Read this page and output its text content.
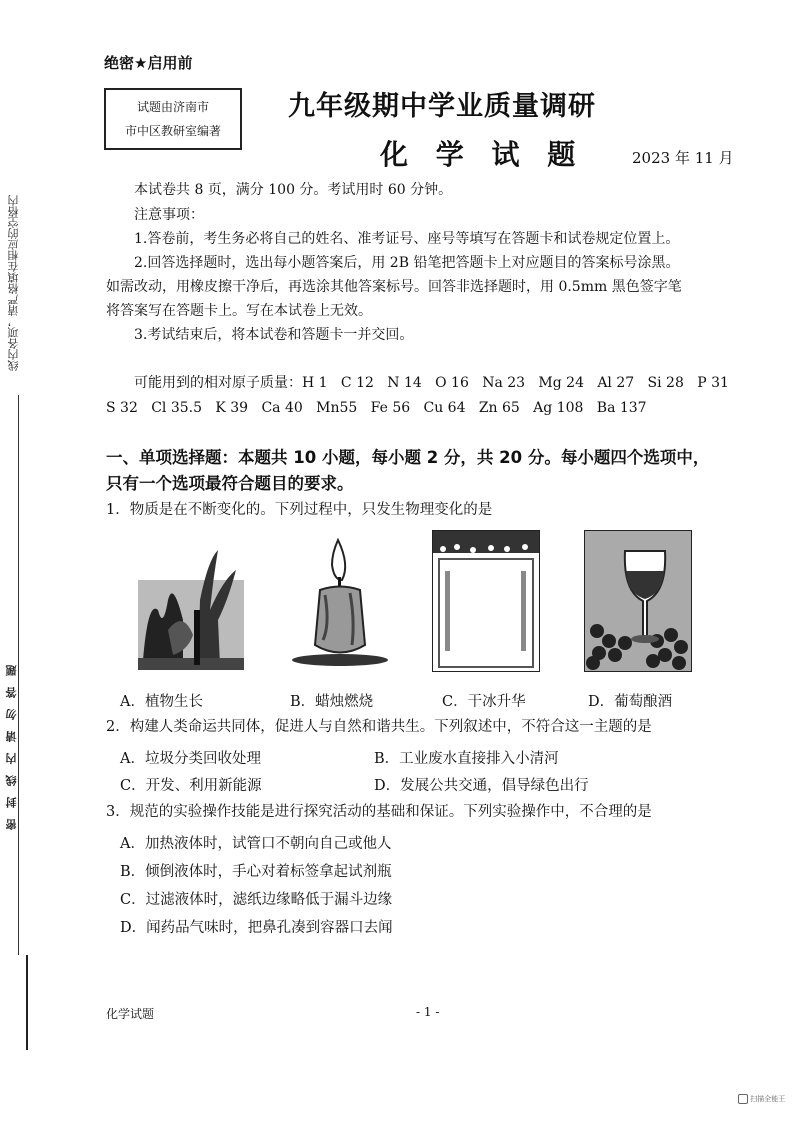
线内各项，请严格填在相应的空格内
密　封　线　内　请　勿　答　题
绝密★启用前
试题由济南市
市中区教研室编著
九年级期中学业质量调研
化 学 试 题	2023 年 11 月
本试卷共 8 页，满分 100 分。考试用时 60 分钟。
注意事项：
1.答卷前，考生务必将自己的姓名、准考证号、座号等填写在答题卡和试卷规定位置上。
2.回答选择题时，选出每小题答案后，用 2B 铅笔把答题卡上对应题目的答案标号涂黑。
如需改动，用橡皮擦干净后，再选涂其他答案标号。回答非选择题时，用 0.5mm 黑色签字笔
将答案写在答题卡上。写在本试卷上无效。
3.考试结束后，将本试卷和答题卡一并交回。
可能用到的相对原子质量：H 1   C 12   N 14   O 16   Na 23   Mg 24   Al 27   Si 28   P 31
S 32   Cl 35.5   K 39   Ca 40   Mn55   Fe 56   Cu 64   Zn 65   Ag 108   Ba 137
一、单项选择题：本题共 10 小题，每小题 2 分，共 20 分。每小题四个选项中，
只有一个选项最符合题目的要求。
1．物质是在不断变化的。下列过程中，只发生物理变化的是
A．植物生长	B．蜡烛燃烧	C．干冰升华	D．葡萄酿酒
2．构建人类命运共同体，促进人与自然和谐共生。下列叙述中，不符合这一主题的是
A．垃圾分类回收处理	B．工业废水直接排入小清河
C．开发、利用新能源	D．发展公共交通，倡导绿色出行
3．规范的实验操作技能是进行探究活动的基础和保证。下列实验操作中，不合理的是
A．加热液体时，试管口不朝向自己或他人
B．倾倒液体时，手心对着标签拿起试剂瓶
C．过滤液体时，滤纸边缘略低于漏斗边缘
D．闻药品气味时，把鼻孔凑到容器口去闻
化学试题	- 1 -
扫描全能王
